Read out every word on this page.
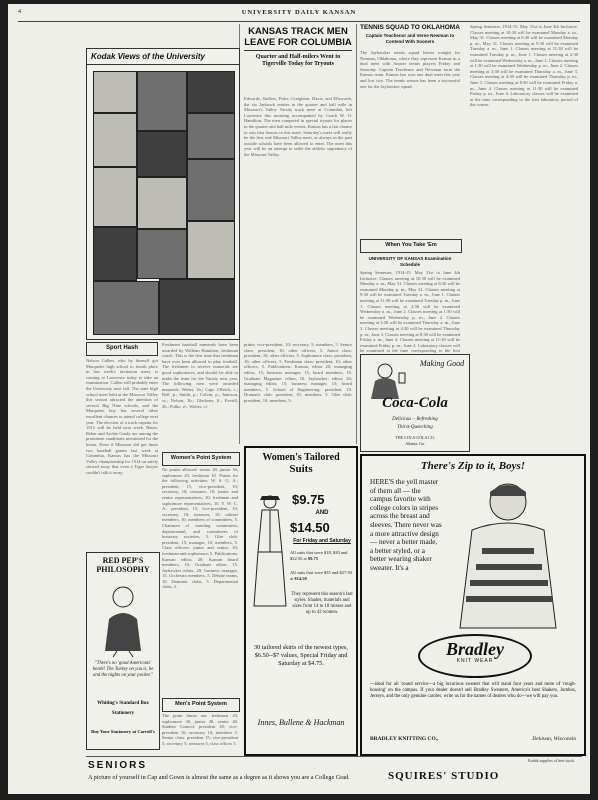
4	UNIVERSITY DAILY KANSAN
Kodak Views of the University
KANSAS TRACK MEN LEAVE FOR COLUMBIA
Quarter and Half-milers Went to Tigerville Today for Tryouts
Edwards, Sudlow, Fiske, Creighton, Davis, and Ellsworth, the six Jayhawk entries in the quarter and half mile in Missouri's Valley Varsity track meet at Columbia, left Lawrence this morning accompanied by Coach W. O. Hamilton. The men competed in special tryouts for places in the quarter and half mile events. Kansas has a fair chance to win first honors in this meet. Saturday's meet will really be the first real Missouri Valley meet, as always in the past outside schools have been allowed to enter. The meet this year will be an attempt to settle the athletic supremacy of the Missouri Valley.
TENNIS SQUAD TO OKLAHOMA
Captain Teachenor and Verne Newman to Contend With Sooners
The Jayhawker tennis squad leaves tonight for Norman, Oklahoma, where they represent Kansas in a dual meet with Sooner tennis players Friday and Saturday. Captain Teachenor and Newman form the Kansas team. Kansas has won one dual meet this year and lost two. The tennis season has been a successful one for the Jayhawker squad.
When You Take 'Em
UNIVERSITY OF KANSAS Examination Schedule
Spring Semester, 1914-15. May 31st to June 4th Inclusive. Classes meeting at 10:30 will be examined Monday a. m., May 31. Classes meeting at 8:30 will be examined Monday p. m., May 31. Classes meeting at 9:30 will be examined Tuesday a. m., June 1. Classes meeting at 11:30 will be examined Tuesday p. m., June 1. Classes meeting at 2:30 will be examined Wednesday a. m., June 2. Classes meeting at 1:30 will be examined Wednesday p. m., June 2. Classes meeting at 3:30 will be examined Thursday a. m., June 3. Classes meeting at 4:30 will be examined Thursday p. m., June 3. Classes meeting at 8:30 will be examined Friday a. m., June 4. Classes meeting at 11:30 will be examined Friday p. m., June 4. Laboratory classes will be examined at the time corresponding to the first
Spring Semester, 1914-15. May 31st to June 4th Inclusive. Classes meeting at 10:30 will be examined Monday a. m., May 31. Classes meeting at 8:30 will be examined Monday p. m., May 31. Classes meeting at 9:30 will be examined Tuesday a. m., June 1. Classes meeting at 11:30 will be examined Tuesday p. m., June 1. Classes meeting at 2:30 will be examined Wednesday a. m., June 2. Classes meeting at 1:30 will be examined Wednesday p. m., June 2. Classes meeting at 3:30 will be examined Thursday a. m., June 3. Classes meeting at 4:30 will be examined Thursday p. m., June 3. Classes meeting at 8:30 will be examined Friday a. m., June 4. Classes meeting at 11:30 will be examined Friday p. m., June 4. Laboratory classes will be examined at the time corresponding to the first laboratory period of the course.
Sport Hash
Nelson Cullen, who by himself got Marquette high school to fourth place in last week's invitation meet, is coming to Lawrence today to take an examination. Cullen will probably enter the University next fall. The state high school meet held at the Missouri Valley this season attracted the attention of several Big Nine schools, and the Marquette boy has several other excellent chances to attend college next year. The election of a track captain for 1915 will be held next week. Bauer, Reber and Archie Grady are among the prominent candidates mentioned for the honor. Even if Missouri did get those two baseball games last week at Columbia, Kansas has the Missouri Valley championship for 1914 on safely stowed away that even a Tiger lawyer couldn't talk it away.
Freshmen baseball numerals have been awarded by William Hamilton, freshman coach. This is the first time that freshmen have ever been allowed to play football. The freshmen to receive numerals are good sophomores, and should be able to make the team for the Varsity next year. The following men were awarded numerals: Weber, 1b.; Capt. Ulbrich, c.; Bell, p.; Smith, p.; Colvin, p.; Jamison, ss.; Nelson, 3b.; Gleckner, lf.; Everill, 2b.; Polko, rf.; Wolter, cf.
prints; vice-president, 10; secretary, 5; members, 5. Senior class: president, 10; other officers, 5. Junior class: president, 10; other officers, 5. Sophomore class: president, 10; other officers, 5. Freshman class: president, 10; other officers, 5. Publications: Kansan, editor 20; managing editor, 15; business manager, 15; board members, 10. Graduate Magazine: editor, 10. Jayhawker: editor, 20; managing editor, 15; business manager, 15; board members, 5. School of Engineering: president, 10. Dramatic club: president, 10; members, 5. Glee club: president, 10; members, 5.
Women's Point System
No points allowed: senior 40, junior 30, sophomore 20, freshman 10. Points for the following activities: W. S. G. A.: president, 15; vice-president, 10; secretary, 10; treasurer, 10; junior and senior representatives, 10; freshman and sophomore representatives, 10. Y. W. C. A.: president, 15; vice-president, 10; secretary, 10; treasurer, 10; cabinet members, 10; members of committees, 5. Chairmen of standing committees, departmental, and committees of honorary societies, 5. Glee club: president, 15; manager, 10; members, 5. Class officers: junior and senior, 10; freshman and sophomore, 5. Publications: Kansan editor, 20; Kansan board members, 10; Graduate editor, 15. Jayhawker editor, 20; business manager, 15. Orchestra members, 5. Debate teams, 10. Dramatic clubs, 5. Departmental clubs, 3.
Men's Point System
The point limits are: freshmen 20, sophomore 30, junior 40, senior 40. Student Council: president 20; vice-president 10; secretary 10; members 5. Senior class: president 15; vice-president 5; secretary 5; treasurer 5; class offices 5.
RED PEP'S
PHILOSOPHY
"There's no 'good Americans' horde! The Turkey on you is, be and the nights on your pocket."
Whiting's Standard Box
Stationery
Buy Your Stationery at Carroll's
Women's Tailored
Suits
$9.75
AND
$14.50
For Friday and Saturday
All suits that were $18, $20 and $22.50 at $9.75
All suits that were $35 and $27.50 at $14.50
They represent this season's last styles. Shades, materials and sizes from 14 to 18 misses and up to 42 women.
30 tailored skirts of the newest types, $6.50--$7 values, Special Friday and Saturday at $4.75.
Innes, Bullene & Hackman
Making Good
Coca-Cola
Delicious – Refreshing
Thirst-Quenching
THE COCA-COLA CO.
Atlanta, Ga.
There's Zip to it, Boys!
HERE'S the yell master of them all — the campus favorite with college colors in stripes across the breast and sleeves. There never was a more attractive design — never a better made, a better styled, or a better wearing shaker sweater. It's a
Bradley
KNIT WEAR
—ideal for all 'round service—a big luxurious sweater that will stand four years and more of 'rough-housing' on the campus. If your dealer doesn't sell Bradley Sweaters, America's best Shakers, Jumbos, Jerseys, and the only genuine caroles, write us for the names of dealers who do—we will pay you.
BRADLEY KNITTING CO.,	Delavan, Wisconsin
SENIORS
A picture of yourself in Cap and Gown is almost the same as a degree as it shows you are a College Grad.	SQUIRES' STUDIO
Kodak supplies of best stock.
